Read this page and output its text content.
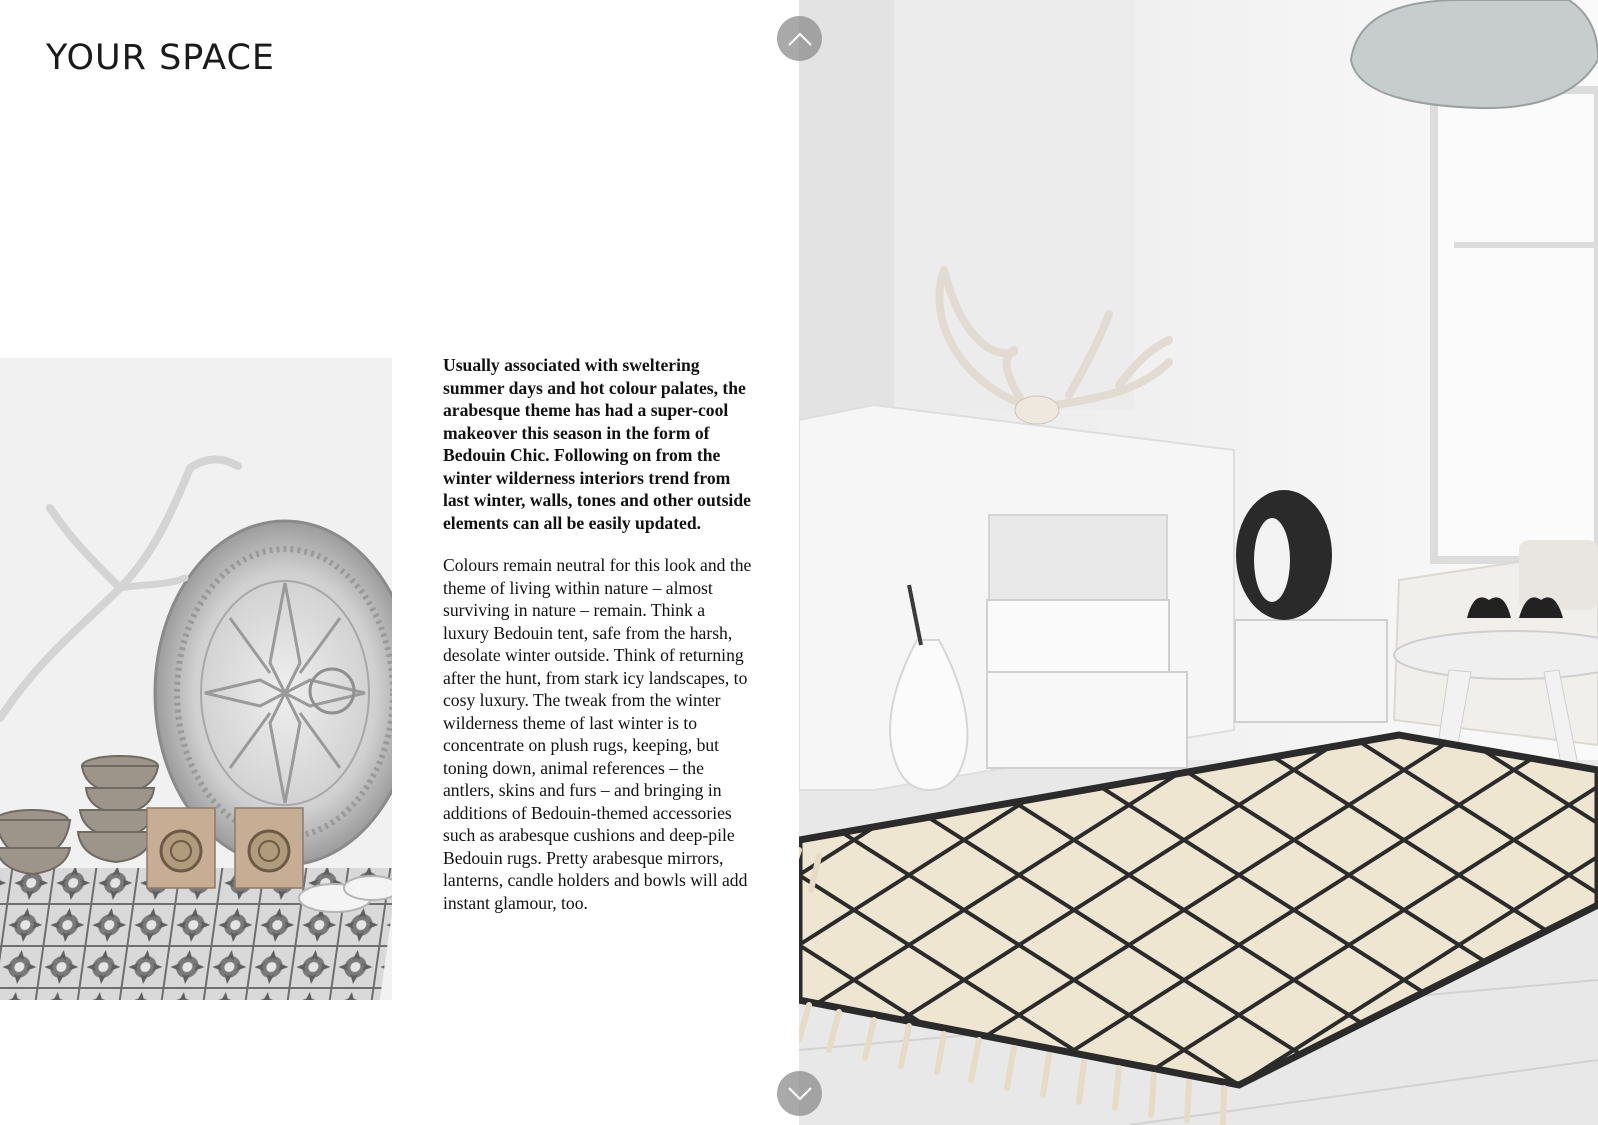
YOUR SPACE

Usually associated with sweltering summer days and hot colour palates, the arabesque theme has had a super-cool makeover this season in the form of Bedouin Chic. Following on from the winter wilderness interiors trend from last winter, walls, tones and other outside elements can all be easily updated.

Colours remain neutral for this look and the theme of living within nature – almost surviving in nature – remain. Think a luxury Bedouin tent, safe from the harsh, desolate winter outside. Think of returning after the hunt, from stark icy landscapes, to cosy luxury. The tweak from the winter wilderness theme of last winter is to concentrate on plush rugs, keeping, but toning down, animal references – the antlers, skins and furs – and bringing in additions of Bedouin-themed accessories such as arabesque cushions and deep-pile Bedouin rugs. Pretty arabesque mirrors, lanterns, candle holders and bowls will add instant glamour, too.
